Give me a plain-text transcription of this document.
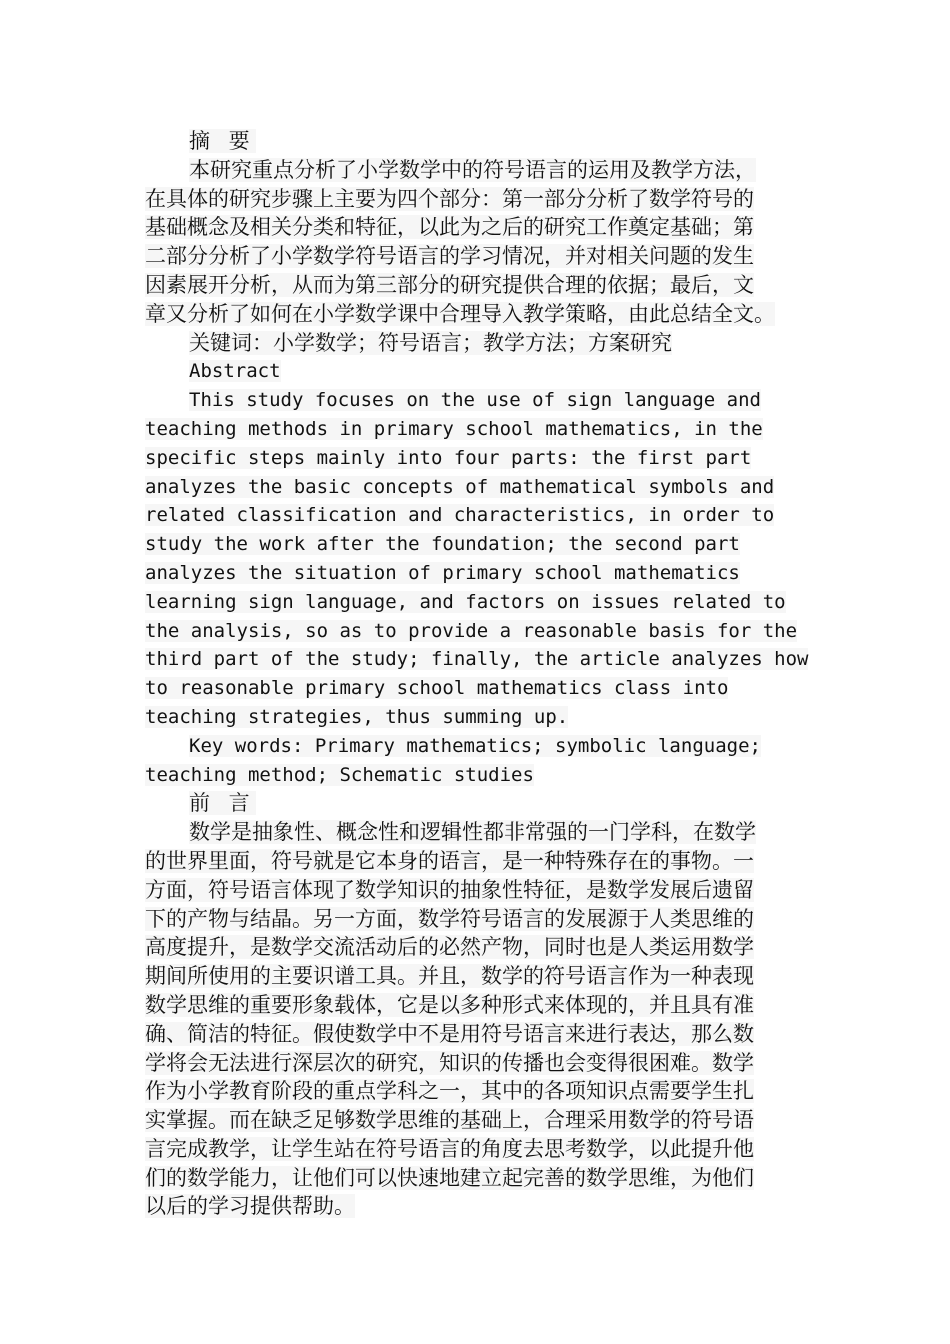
摘 要
本研究重点分析了小学数学中的符号语言的运用及教学方法，
在具体的研究步骤上主要为四个部分：第一部分分析了数学符号的
基础概念及相关分类和特征，以此为之后的研究工作奠定基础；第
二部分分析了小学数学符号语言的学习情况，并对相关问题的发生
因素展开分析，从而为第三部分的研究提供合理的依据；最后，文
章又分析了如何在小学数学课中合理导入教学策略，由此总结全文。
关键词：小学数学；符号语言；教学方法；方案研究
Abstract
This study focuses on the use of sign language and
teaching methods in primary school mathematics, in the
specific steps mainly into four parts: the first part
analyzes the basic concepts of mathematical symbols and
related classification and characteristics, in order to
study the work after the foundation; the second part
analyzes the situation of primary school mathematics
learning sign language, and factors on issues related to
the analysis, so as to provide a reasonable basis for the
third part of the study; finally, the article analyzes how
to reasonable primary school mathematics class into
teaching strategies, thus summing up.
Key words: Primary mathematics; symbolic language;
teaching method; Schematic studies
前 言
数学是抽象性、概念性和逻辑性都非常强的一门学科，在数学
的世界里面，符号就是它本身的语言，是一种特殊存在的事物。一
方面，符号语言体现了数学知识的抽象性特征，是数学发展后遗留
下的产物与结晶。另一方面，数学符号语言的发展源于人类思维的
高度提升，是数学交流活动后的必然产物，同时也是人类运用数学
期间所使用的主要识谱工具。并且，数学的符号语言作为一种表现
数学思维的重要形象载体，它是以多种形式来体现的，并且具有准
确、简洁的特征。假使数学中不是用符号语言来进行表达，那么数
学将会无法进行深层次的研究，知识的传播也会变得很困难。数学
作为小学教育阶段的重点学科之一，其中的各项知识点需要学生扎
实掌握。而在缺乏足够数学思维的基础上，合理采用数学的符号语
言完成教学，让学生站在符号语言的角度去思考数学，以此提升他
们的数学能力，让他们可以快速地建立起完善的数学思维，为他们
以后的学习提供帮助。
